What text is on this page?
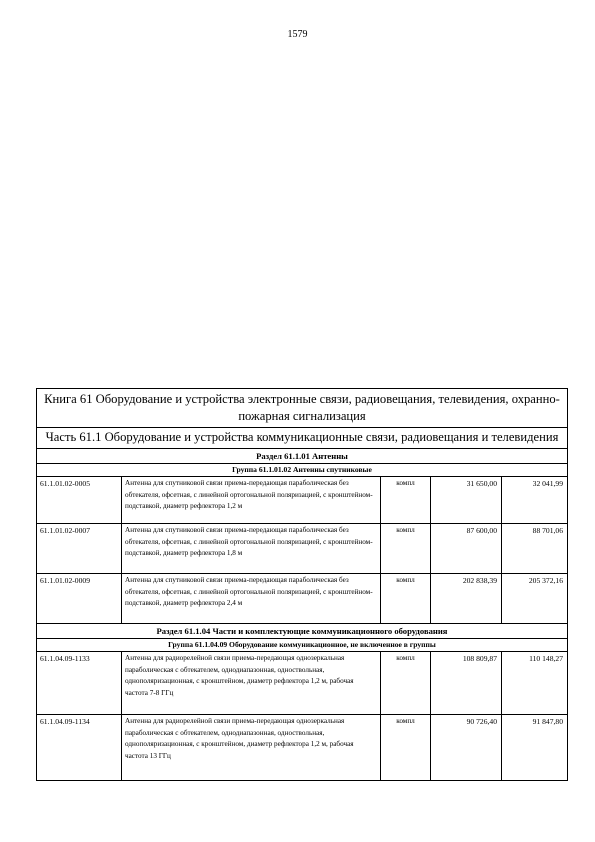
1579
Книга 61 Оборудование и устройства электронные связи, радиовещания, телевидения, охранно-пожарная сигнализация				
Часть 61.1 Оборудование и устройства коммуникационные связи, радиовещания и телевидения				
Раздел 61.1.01 Антенны				
Группа 61.1.01.02 Антенны спутниковые				
61.1.01.02-0005	Антенна для спутниковой связи приема-передающая параболическая без обтекателя, офсетная, с линейной ортогональной поляризацией, с кронштейном-подставкой, диаметр рефлектора 1,2 м	компл	31 650,00	32 041,99
61.1.01.02-0007	Антенна для спутниковой связи приема-передающая параболическая без обтекателя, офсетная, с линейной ортогональной поляризацией, с кронштейном-подставкой, диаметр рефлектора 1,8 м	компл	87 600,00	88 701,06
61.1.01.02-0009	Антенна для спутниковой связи приема-передающая параболическая без обтекателя, офсетная, с линейной ортогональной поляризацией, с кронштейном-подставкой, диаметр рефлектора 2,4 м	компл	202 838,39	205 372,16
Раздел 61.1.04 Части и комплектующие коммуникационного оборудования				
Группа 61.1.04.09 Оборудование коммуникационное, не включенное в группы				
61.1.04.09-1133	Антенна для радиорелейной связи приема-передающая однозеркальная параболическая с обтекателем, однодиапазонная, одноствольная, однополяризационная, с кронштейном, диаметр рефлектора 1,2 м, рабочая частота 7-8 ГГц	компл	108 809,87	110 148,27
61.1.04.09-1134	Антенна для радиорелейной связи приема-передающая однозеркальная параболическая с обтекателем, однодиапазонная, одноствольная, однополяризационная, с кронштейном, диаметр рефлектора 1,2 м, рабочая частота 13 ГГц	компл	90 726,40	91 847,80
